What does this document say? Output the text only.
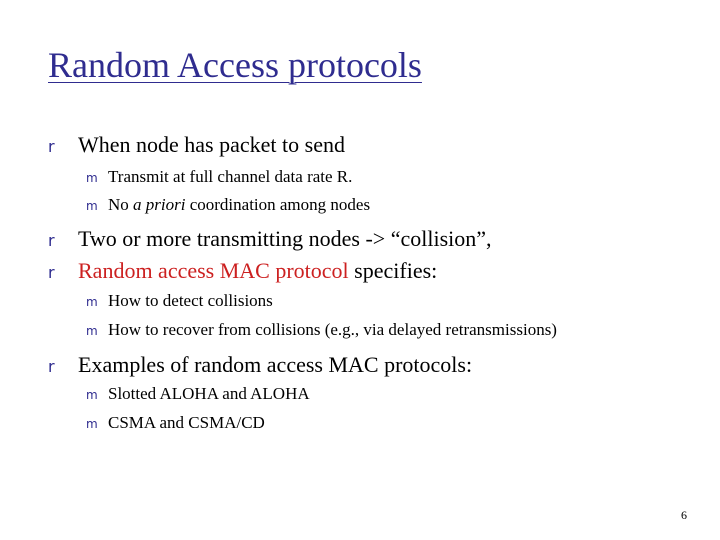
Random Access protocols
r When node has packet to send
m Transmit at full channel data rate R.
m No a priori coordination among nodes
r Two or more transmitting nodes -> “collision”,
r Random access MAC protocol specifies:
m How to detect collisions
m How to recover from collisions (e.g., via delayed retransmissions)
r Examples of random access MAC protocols:
m Slotted ALOHA and ALOHA
m CSMA and CSMA/CD
6
